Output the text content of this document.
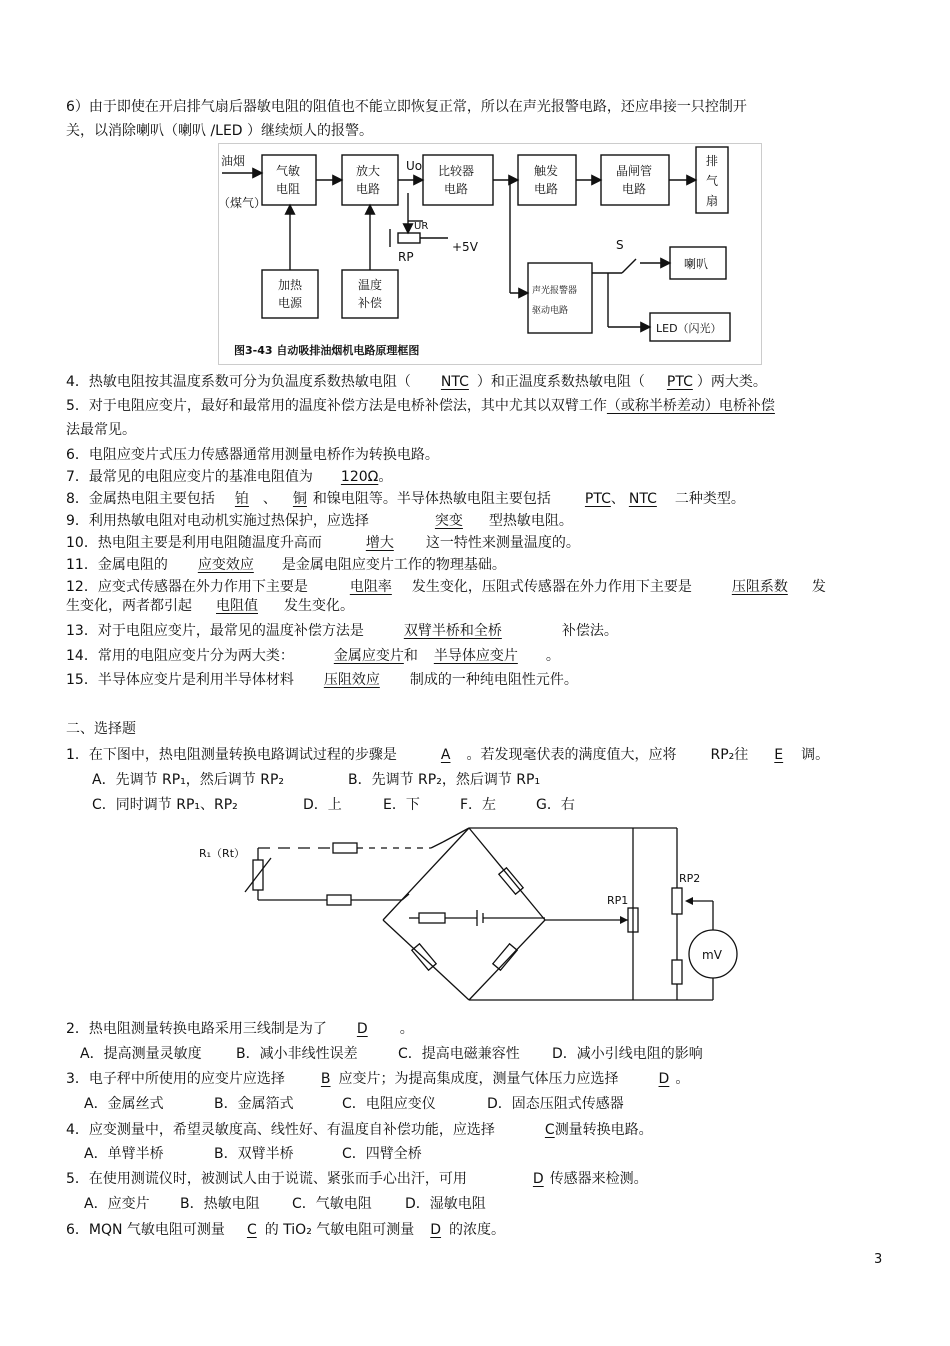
6）由于即使在开启排气扇后器敏电阻的阻值也不能立即恢复正常，所以在声光报警电路，还应串接一只控制开
关，以消除喇叭（喇叭 /LED ）继续烦人的报警。
油烟
（煤气）
气敏
电阻
放大
电路
比较器
电路
触发
电路
晶闸管
电路
排
气
扇
加热
电源
温度
补偿
声光报警器
驱动电路
Uo
UR
RP
+5V	S
喇叭
LED（闪光）
图3-43 自动吸排油烟机电路原理框图
4．热敏电阻按其温度系数可分为负温度系数热敏电阻（ NTC ）和正温度系数热敏电阻（ PTC ）两大类。
5．对于电阻应变片，最好和最常用的温度补偿方法是电桥补偿法，其中尤其以双臂工作（或称半桥差动）电桥补偿
法最常见。
6．电阻应变片式压力传感器通常用测量电桥作为转换电路。
7．最常见的电阻应变片的基准电阻值为 120Ω。
8．金属热电阻主要包括 铂 、 铜 和镍电阻等。半导体热敏电阻主要包括 PTC、 NTC 二种类型。
9．利用热敏电阻对电动机实施过热保护，应选择	突变 型热敏电阻。
10．热电阻主要是利用电阻随温度升高而	增大 这一特性来测量温度的。
11．金属电阻的 应变效应 是金属电阻应变片工作的物理基础。
12．应变式传感器在外力作用下主要是	电阻率 发生变化，压阻式传感器在外力作用下主要是	压阻系数 发
生变化，两者都引起 电阻值 发生变化。
13．对于电阻应变片，最常见的温度补偿方法是	双臂半桥和全桥	补偿法。
14．常用的电阻应变片分为两大类：	金属应变片和 半导体应变片 。
15．半导体应变片是利用半导体材料 压阻效应 制成的一种纯电阻性元件。
二、选择题
1．在下图中，热电阻测量转换电路调试过程的步骤是	A 。若发现毫伏表的满度值大，应将 RP₂往 E 调。
A．先调节 RP₁，然后调节 RP₂	B．先调节 RP₂，然后调节 RP₁
C．同时调节 RP₁、RP₂	D．上	E．下	F．左	G．右
R₁（Rt）
RP1
RP2
mV
2．热电阻测量转换电路采用三线制是为了 D 。
A．提高测量灵敏度 B．减小非线性误差	C．提高电磁兼容性 D．减小引线电阻的影响
3．电子秤中所使用的应变片应选择	B 应变片；为提高集成度，测量气体压力应选择	D 。
A．金属丝式	B．金属箔式	C．电阻应变仪	D．固态压阻式传感器
4．应变测量中，希望灵敏度高、线性好、有温度自补偿功能，应选择	C测量转换电路。
A．单臂半桥	B．双臂半桥	C．四臂全桥
5．在使用测谎仪时，被测试人由于说谎、紧张而手心出汗，可用	D 传感器来检测。
A．应变片 B．热敏电阻 C．气敏电阻 D．湿敏电阻
6．MQN 气敏电阻可测量 C 的 TiO₂ 气敏电阻可测量 D 的浓度。
3
